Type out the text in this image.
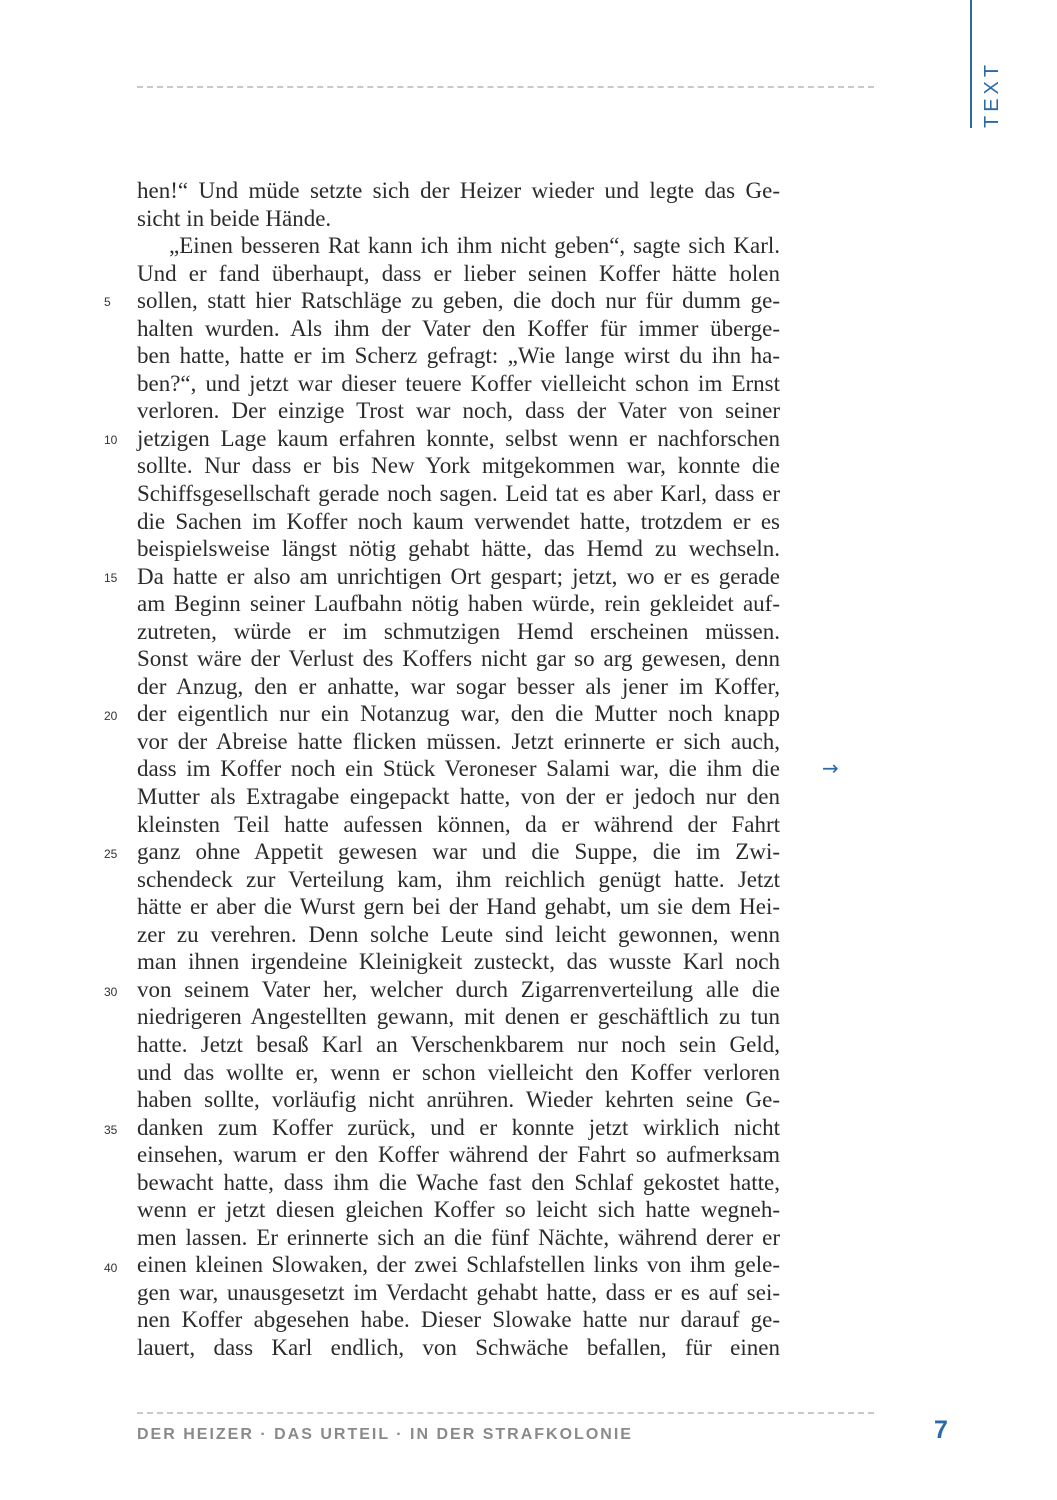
TEXT
5
10
15
20
25
30
35
40
hen!“ Und müde setzte sich der Heizer wieder und legte das Ge-
sicht in beide Hände.
„Einen besseren Rat kann ich ihm nicht geben“, sagte sich Karl.
Und er fand überhaupt, dass er lieber seinen Koffer hätte holen
sollen, statt hier Ratschläge zu geben, die doch nur für dumm ge-
halten wurden. Als ihm der Vater den Koffer für immer überge-
ben hatte, hatte er im Scherz gefragt: „Wie lange wirst du ihn ha-
ben?“, und jetzt war dieser teuere Koffer vielleicht schon im Ernst
verloren. Der einzige Trost war noch, dass der Vater von seiner
jetzigen Lage kaum erfahren konnte, selbst wenn er nachforschen
sollte. Nur dass er bis New York mitgekommen war, konnte die
Schiffsgesellschaft gerade noch sagen. Leid tat es aber Karl, dass er
die Sachen im Koffer noch kaum verwendet hatte, trotzdem er es
beispielsweise längst nötig gehabt hätte, das Hemd zu wechseln.
Da hatte er also am unrichtigen Ort gespart; jetzt, wo er es gerade
am Beginn seiner Laufbahn nötig haben würde, rein gekleidet auf-
zutreten, würde er im schmutzigen Hemd erscheinen müssen.
Sonst wäre der Verlust des Koffers nicht gar so arg gewesen, denn
der Anzug, den er anhatte, war sogar besser als jener im Koffer,
der eigentlich nur ein Notanzug war, den die Mutter noch knapp
vor der Abreise hatte flicken müssen. Jetzt erinnerte er sich auch,
dass im Koffer noch ein Stück Veroneser Salami war, die ihm die
Mutter als Extragabe eingepackt hatte, von der er jedoch nur den
kleinsten Teil hatte aufessen können, da er während der Fahrt
ganz ohne Appetit gewesen war und die Suppe, die im Zwi-
schendeck zur Verteilung kam, ihm reichlich genügt hatte. Jetzt
hätte er aber die Wurst gern bei der Hand gehabt, um sie dem Hei-
zer zu verehren. Denn solche Leute sind leicht gewonnen, wenn
man ihnen irgendeine Kleinigkeit zusteckt, das wusste Karl noch
von seinem Vater her, welcher durch Zigarrenverteilung alle die
niedrigeren Angestellten gewann, mit denen er geschäftlich zu tun
hatte. Jetzt besaß Karl an Verschenkbarem nur noch sein Geld,
und das wollte er, wenn er schon vielleicht den Koffer verloren
haben sollte, vorläufig nicht anrühren. Wieder kehrten seine Ge-
danken zum Koffer zurück, und er konnte jetzt wirklich nicht
einsehen, warum er den Koffer während der Fahrt so aufmerksam
bewacht hatte, dass ihm die Wache fast den Schlaf gekostet hatte,
wenn er jetzt diesen gleichen Koffer so leicht sich hatte wegneh-
men lassen. Er erinnerte sich an die fünf Nächte, während derer er
einen kleinen Slowaken, der zwei Schlafstellen links von ihm gele-
gen war, unausgesetzt im Verdacht gehabt hatte, dass er es auf sei-
nen Koffer abgesehen habe. Dieser Slowake hatte nur darauf ge-
lauert, dass Karl endlich, von Schwäche befallen, für einen
→
DER HEIZER · DAS URTEIL · IN DER STRAFKOLONIE	7
